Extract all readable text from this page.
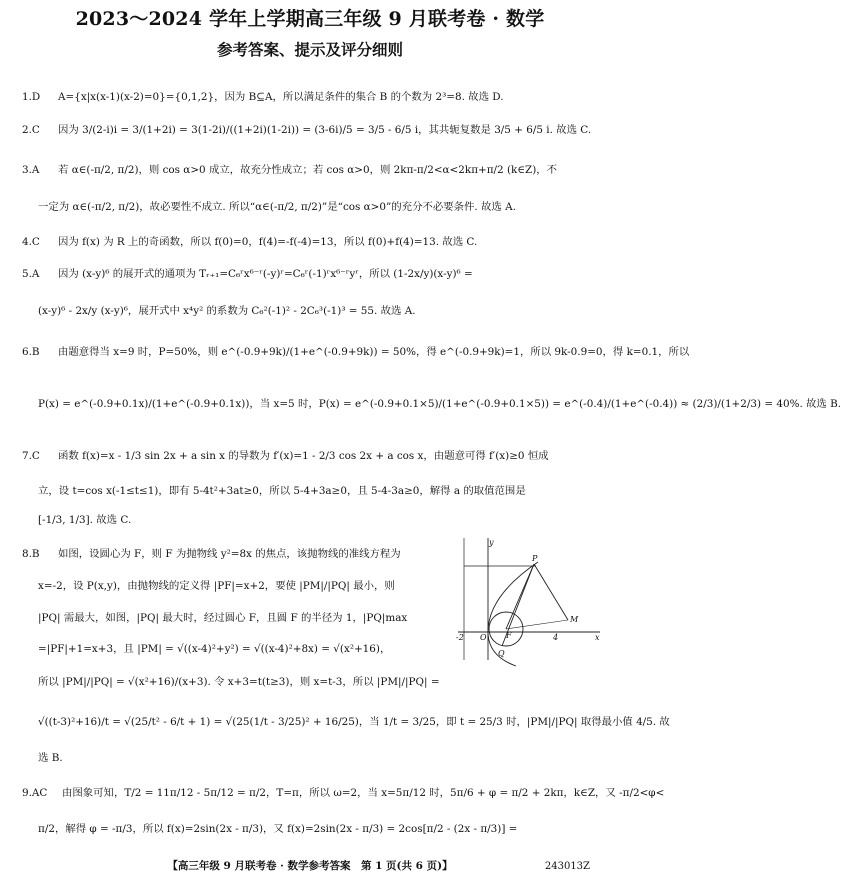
2023～2024 学年上学期高三年级 9 月联考卷 · 数学
参考答案、提示及评分细则
1.D	A={x|x(x-1)(x-2)=0}={0,1,2}，因为 B⊆A，所以满足条件的集合 B 的个数为 2³=8. 故选 D.
2.C	因为 3/(2-i)i = 3/(1+2i) = 3(1-2i)/((1+2i)(1-2i)) = (3-6i)/5 = 3/5 - 6/5 i，其共轭复数是 3/5 + 6/5 i. 故选 C.
3.A	若 α∈(-π/2, π/2)，则 cos α>0 成立，故充分性成立；若 cos α>0，则 2kπ-π/2<α<2kπ+π/2 (k∈Z)，不
一定为 α∈(-π/2, π/2)，故必要性不成立. 所以“α∈(-π/2, π/2)”是“cos α>0”的充分不必要条件. 故选 A.
4.C	因为 f(x) 为 R 上的奇函数，所以 f(0)=0，f(4)=-f(-4)=13，所以 f(0)+f(4)=13. 故选 C.
5.A	因为 (x-y)⁶ 的展开式的通项为 Tᵣ₊₁=C₆ʳx⁶⁻ʳ(-y)ʳ=C₆ʳ(-1)ʳx⁶⁻ʳyʳ，所以 (1-2x/y)(x-y)⁶ =
(x-y)⁶ - 2x/y (x-y)⁶，展开式中 x⁴y² 的系数为 C₆²(-1)² - 2C₆³(-1)³ = 55. 故选 A.
6.B	由题意得当 x=9 时，P=50%，则 e^(-0.9+9k)/(1+e^(-0.9+9k)) = 50%，得 e^(-0.9+9k)=1，所以 9k-0.9=0，得 k=0.1，所以
P(x) = e^(-0.9+0.1x)/(1+e^(-0.9+0.1x))，当 x=5 时，P(x) = e^(-0.9+0.1×5)/(1+e^(-0.9+0.1×5)) = e^(-0.4)/(1+e^(-0.4)) ≈ (2/3)/(1+2/3) = 40%. 故选 B.
7.C	函数 f(x)=x - 1/3 sin 2x + a sin x 的导数为 f′(x)=1 - 2/3 cos 2x + a cos x，由题意可得 f′(x)≥0 恒成
立，设 t=cos x(-1≤t≤1)，即有 5-4t²+3at≥0，所以 5-4+3a≥0，且 5-4-3a≥0，解得 a 的取值范围是
[-1/3, 1/3]. 故选 C.
8.B	如图，设圆心为 F，则 F 为抛物线 y²=8x 的焦点，该抛物线的准线方程为
x=-2，设 P(x,y)，由抛物线的定义得 |PF|=x+2，要使 |PM|/|PQ| 最小，则
|PQ| 需最大，如图，|PQ| 最大时，经过圆心 F，且圆 F 的半径为 1，|PQ|max
=|PF|+1=x+3，且 |PM| = √((x-4)²+y²) = √((x-4)²+8x) = √(x²+16)，
所以 |PM|/|PQ| = √(x²+16)/(x+3). 令 x+3=t(t≥3)，则 x=t-3，所以 |PM|/|PQ| =
√((t-3)²+16)/t = √(25/t² - 6/t + 1) = √(25(1/t - 3/25)² + 16/25)，当 1/t = 3/25，即 t = 25/3 时，|PM|/|PQ| 取得最小值 4/5. 故
选 B.
9.AC	由图象可知，T/2 = 11π/12 - 5π/12 = π/2，T=π，所以 ω=2，当 x=5π/12 时，5π/6 + φ = π/2 + 2kπ，k∈Z，又 -π/2<φ<
π/2，解得 φ = -π/3，所以 f(x)=2sin(2x - π/3)，又 f(x)=2sin(2x - π/3) = 2cos[π/2 - (2x - π/3)] =
y
x
P
M
F
Q
O
-2	4
【高三年级 9 月联考卷 · 数学参考答案　第 1 页(共 6 页)】	243013Z
